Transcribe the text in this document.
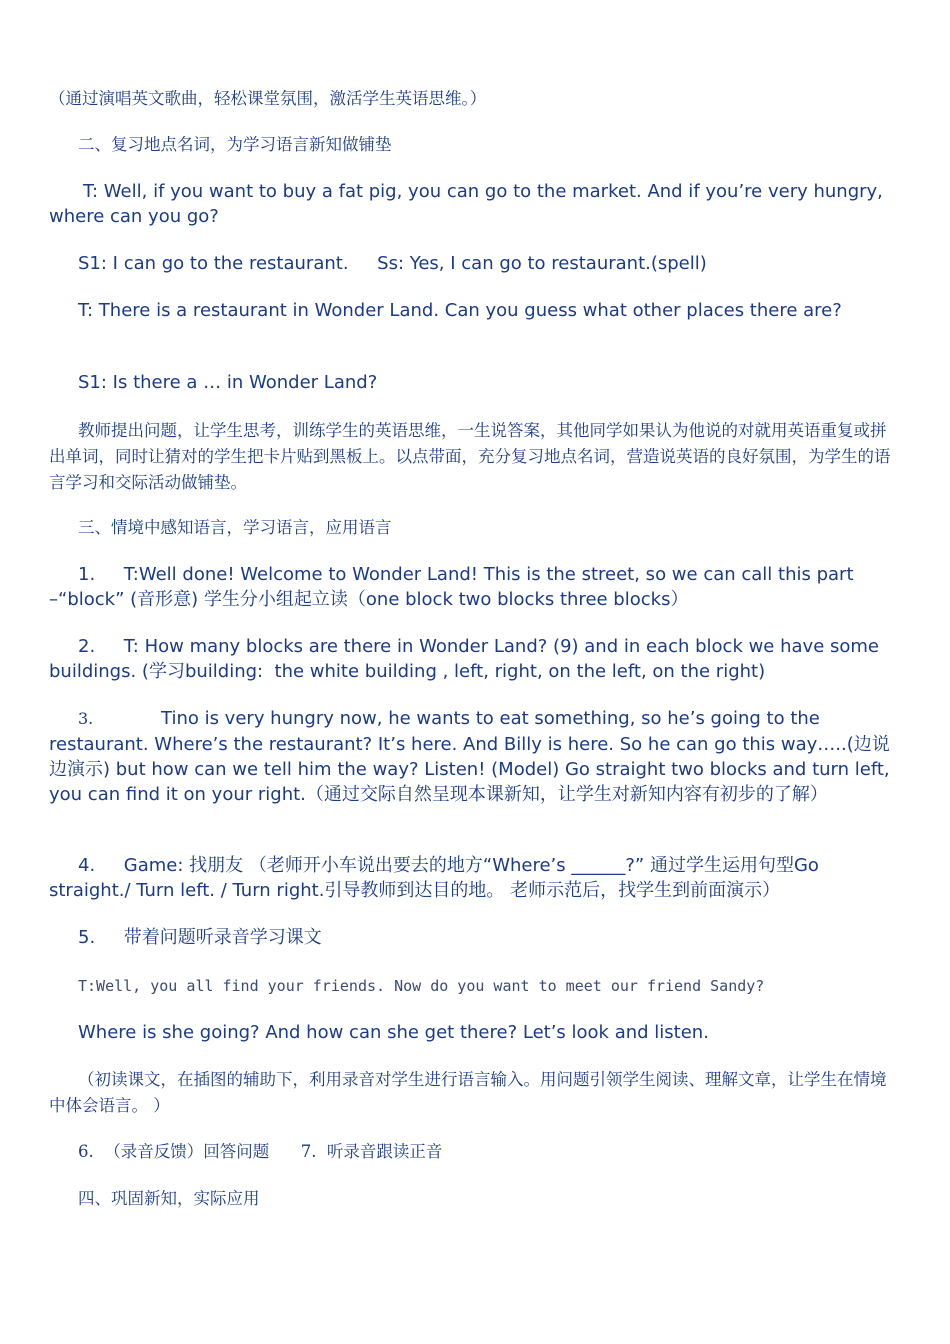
（通过演唱英文歌曲，轻松课堂氛围，激活学生英语思维。）

二、复习地点名词，为学习语言新知做铺垫

T: Well, if you want to buy a fat pig, you can go to the market. And if you’re very hungry, where can you go?

S1: I can go to the restaurant.     Ss: Yes, I can go to restaurant.(spell)

T: There is a restaurant in Wonder Land. Can you guess what other places there are?

S1: Is there a … in Wonder Land?

教师提出问题，让学生思考，训练学生的英语思维，一生说答案，其他同学如果认为他说的对就用英语重复或拼出单词，同时让猜对的学生把卡片贴到黑板上。以点带面，充分复习地点名词，营造说英语的良好氛围，为学生的语言学习和交际活动做铺垫。

三、情境中感知语言，学习语言，应用语言

1.     T:Well done! Welcome to Wonder Land! This is the street, so we can call this part –“block” (音形意) 学生分小组起立读（one block two blocks three blocks）

2.     T: How many blocks are there in Wonder Land? (9) and in each block we have some buildings. (学习building:  the white building , left, right, on the left, on the right)

3.	Tino is very hungry now, he wants to eat something, so he’s going to the restaurant. Where’s the restaurant? It’s here. And Billy is here. So he can go this way…..(边说边演示) but how can we tell him the way? Listen! (Model) Go straight two blocks and turn left, you can find it on your right.（通过交际自然呈现本课新知，让学生对新知内容有初步的了解）

4.     Game: 找朋友 （老师开小车说出要去的地方“Where’s ______?” 通过学生运用句型Go straight./ Turn left. / Turn right.引导教师到达目的地。 老师示范后，找学生到前面演示）

5.     带着问题听录音学习课文

T:Well, you all find your friends. Now do you want to meet our friend Sandy?

Where is she going? And how can she get there? Let’s look and listen.

（初读课文，在插图的辅助下，利用录音对学生进行语言输入。用问题引领学生阅读、理解文章，让学生在情境中体会语言。 ）

6.  （录音反馈）回答问题      7.  听录音跟读正音

四、巩固新知，实际应用
